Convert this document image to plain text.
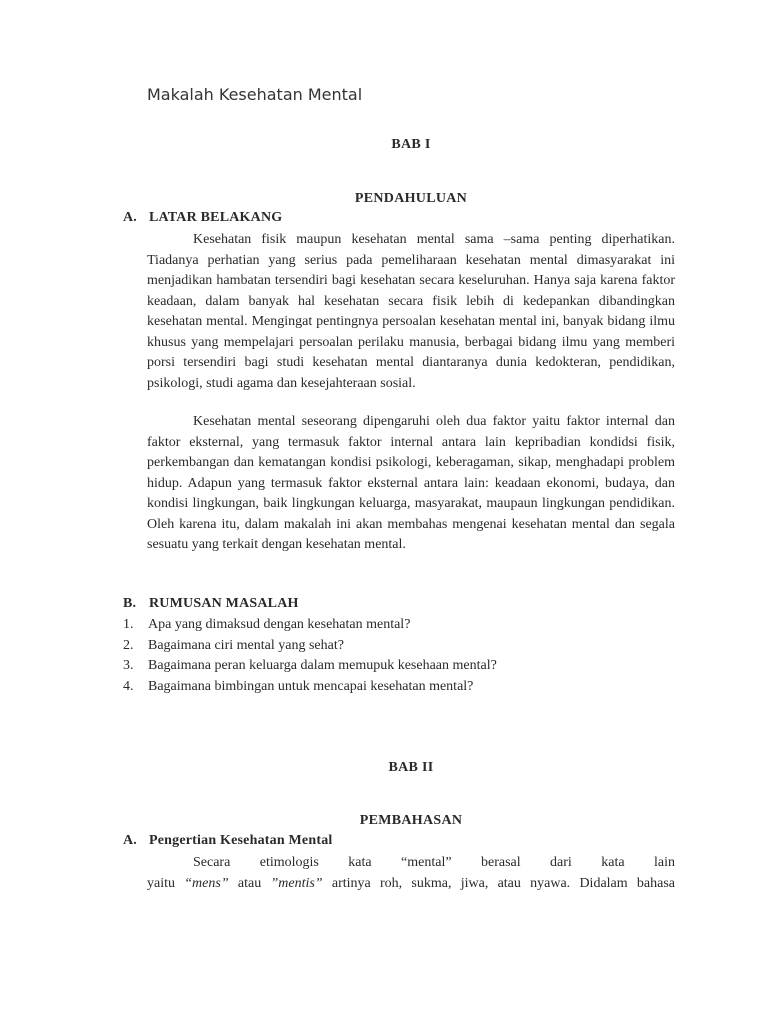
Makalah Kesehatan Mental
BAB I
PENDAHULUAN
A. LATAR BELAKANG

Kesehatan fisik maupun kesehatan mental sama –sama penting diperhatikan. Tiadanya perhatian yang serius pada pemeliharaan kesehatan mental dimasyarakat ini menjadikan hambatan tersendiri bagi kesehatan secara keseluruhan. Hanya saja karena faktor keadaan, dalam banyak hal kesehatan secara fisik lebih di kedepankan dibandingkan kesehatan mental. Mengingat pentingnya persoalan kesehatan mental ini, banyak bidang ilmu khusus yang mempelajari persoalan perilaku manusia, berbagai bidang ilmu yang memberi porsi tersendiri bagi studi kesehatan mental diantaranya dunia kedokteran, pendidikan, psikologi, studi agama dan kesejahteraan sosial.

Kesehatan mental seseorang dipengaruhi oleh dua faktor yaitu faktor internal dan faktor eksternal, yang termasuk faktor internal antara lain kepribadian kondidsi fisik, perkembangan dan kematangan kondisi psikologi, keberagaman, sikap, menghadapi problem hidup. Adapun yang termasuk faktor eksternal antara lain: keadaan ekonomi, budaya, dan kondisi lingkungan, baik lingkungan keluarga, masyarakat, maupaun lingkungan pendidikan. Oleh karena itu, dalam makalah ini akan membahas mengenai kesehatan mental dan segala sesuatu yang terkait dengan kesehatan mental.

B. RUMUSAN MASALAH
1. Apa yang dimaksud dengan kesehatan mental?
2. Bagaimana ciri mental yang sehat?
3. Bagaimana peran keluarga dalam memupuk kesehaan mental?
4. Bagaimana bimbingan untuk mencapai kesehatan mental?
BAB II
PEMBAHASAN
A. Pengertian Kesehatan Mental

Secara etimologis kata “mental” berasal dari kata lain

yaitu “mens” atau ”mentis” artinya roh, sukma, jiwa, atau nyawa. Didalam bahasa
